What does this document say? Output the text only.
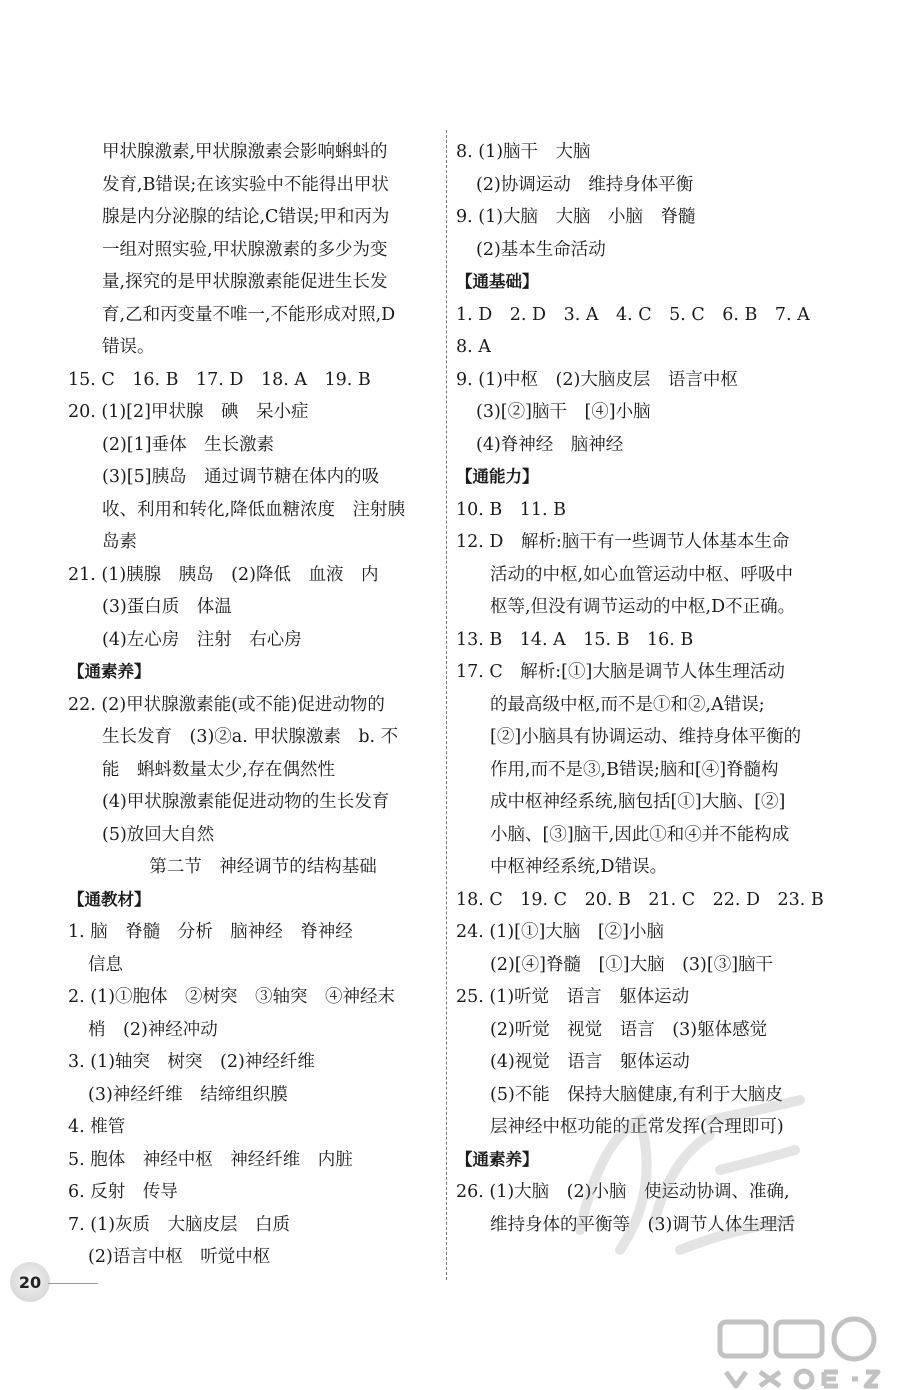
甲状腺激素,甲状腺激素会影响蝌蚪的
发育,B错误;在该实验中不能得出甲状
腺是内分泌腺的结论,C错误;甲和丙为
一组对照实验,甲状腺激素的多少为变
量,探究的是甲状腺激素能促进生长发
育,乙和丙变量不唯一,不能形成对照,D
错误。
15. C　16. B　17. D　18. A　19. B
20. (1)[2]甲状腺　碘　呆小症
(2)[1]垂体　生长激素
(3)[5]胰岛　通过调节糖在体内的吸
收、利用和转化,降低血糖浓度　注射胰
岛素
21. (1)胰腺　胰岛　(2)降低　血液　内
(3)蛋白质　体温
(4)左心房　注射　右心房
【通素养】
22. (2)甲状腺激素能(或不能)促进动物的
生长发育　(3)②a. 甲状腺激素　b. 不
能　蝌蚪数量太少,存在偶然性
(4)甲状腺激素能促进动物的生长发育
(5)放回大自然
第二节　神经调节的结构基础
【通教材】
1. 脑　脊髓　分析　脑神经　脊神经
信息
2. (1)①胞体　②树突　③轴突　④神经末
梢　(2)神经冲动
3. (1)轴突　树突　(2)神经纤维
(3)神经纤维　结缔组织膜
4. 椎管
5. 胞体　神经中枢　神经纤维　内脏
6. 反射　传导
7. (1)灰质　大脑皮层　白质
(2)语言中枢　听觉中枢
8. (1)脑干　大脑
(2)协调运动　维持身体平衡
9. (1)大脑　大脑　小脑　脊髓
(2)基本生命活动
【通基础】
1. D　2. D　3. A　4. C　5. C　6. B　7. A
8. A
9. (1)中枢　(2)大脑皮层　语言中枢
(3)[②]脑干　[④]小脑
(4)脊神经　脑神经
【通能力】
10. B　11. B
12. D　解析:脑干有一些调节人体基本生命
活动的中枢,如心血管运动中枢、呼吸中
枢等,但没有调节运动的中枢,D不正确。
13. B　14. A　15. B　16. B
17. C　解析:[①]大脑是调节人体生理活动
的最高级中枢,而不是①和②,A错误;
[②]小脑具有协调运动、维持身体平衡的
作用,而不是③,B错误;脑和[④]脊髓构
成中枢神经系统,脑包括[①]大脑、[②]
小脑、[③]脑干,因此①和④并不能构成
中枢神经系统,D错误。
18. C　19. C　20. B　21. C　22. D　23. B
24. (1)[①]大脑　[②]小脑
(2)[④]脊髓　[①]大脑　(3)[③]脑干
25. (1)听觉　语言　躯体运动
(2)听觉　视觉　语言　(3)躯体感觉
(4)视觉　语言　躯体运动
(5)不能　保持大脑健康,有利于大脑皮
层神经中枢功能的正常发挥(合理即可)
【通素养】
26. (1)大脑　(2)小脑　使运动协调、准确,
维持身体的平衡等　(3)调节人体生理活
20
